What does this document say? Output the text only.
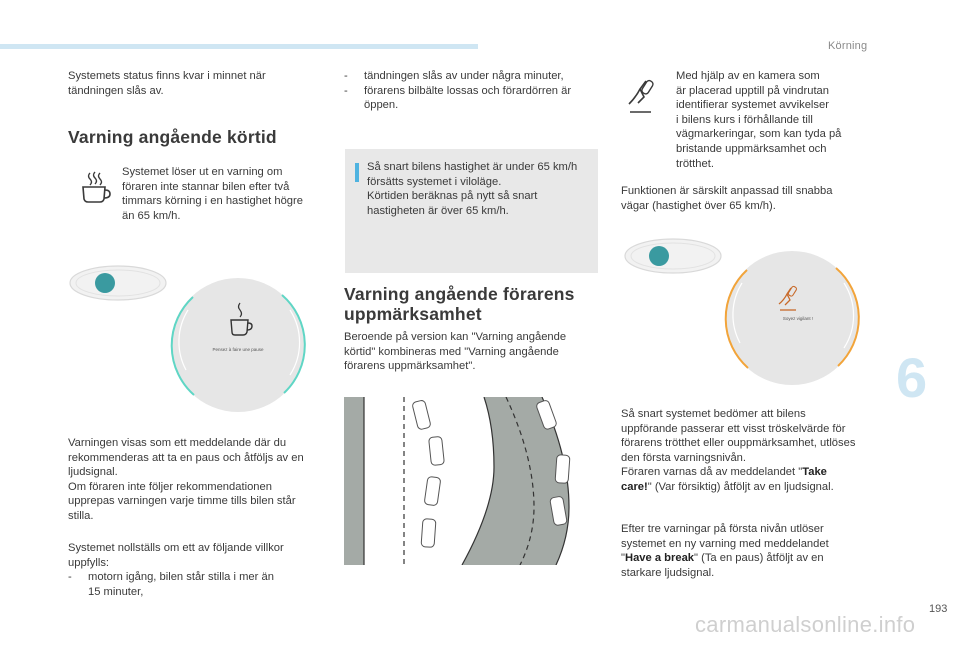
Körning
Systemets status finns kvar i minnet när
tändningen slås av.
Varning angående körtid
Systemet löser ut en varning om
föraren inte stannar bilen efter två
timmars körning i en hastighet högre
än 65 km/h.
Pensez à faire une pause
Varningen visas som ett meddelande där du
rekommenderas att ta en paus och åtföljs av en
ljudsignal.
Om föraren inte följer rekommendationen
upprepas varningen varje timme tills bilen står
stilla.
Systemet nollställs om ett av följande villkor
uppfylls:
- motorn igång, bilen står stilla i mer än
15 minuter,
- tändningen slås av under några minuter,
- förarens bilbälte lossas och förardörren är
öppen.
Så snart bilens hastighet är under 65 km/h
försätts systemet i viloläge.
Körtiden beräknas på nytt så snart
hastigheten är över 65 km/h.
Varning angående förarens
uppmärksamhet
Beroende på version kan "Varning angående
körtid" kombineras med "Varning angående
förarens uppmärksamhet".
Med hjälp av en kamera som
är placerad upptill på vindrutan
identifierar systemet avvikelser
i bilens kurs i förhållande till
vägmarkeringar, som kan tyda på
bristande uppmärksamhet och
trötthet.
Funktionen är särskilt anpassad till snabba
vägar (hastighet över 65 km/h).
Soyez vigilant !
Så snart systemet bedömer att bilens
uppförande passerar ett visst tröskelvärde för
förarens trötthet eller ouppmärksamhet, utlöses
den första varningsnivån.
Föraren varnas då av meddelandet "Take
care!" (Var försiktig) åtföljt av en ljudsignal.
Efter tre varningar på första nivån utlöser
systemet en ny varning med meddelandet
"Have a break" (Ta en paus) åtföljt av en
starkare ljudsignal.
6
193
carmanualsonline.info
